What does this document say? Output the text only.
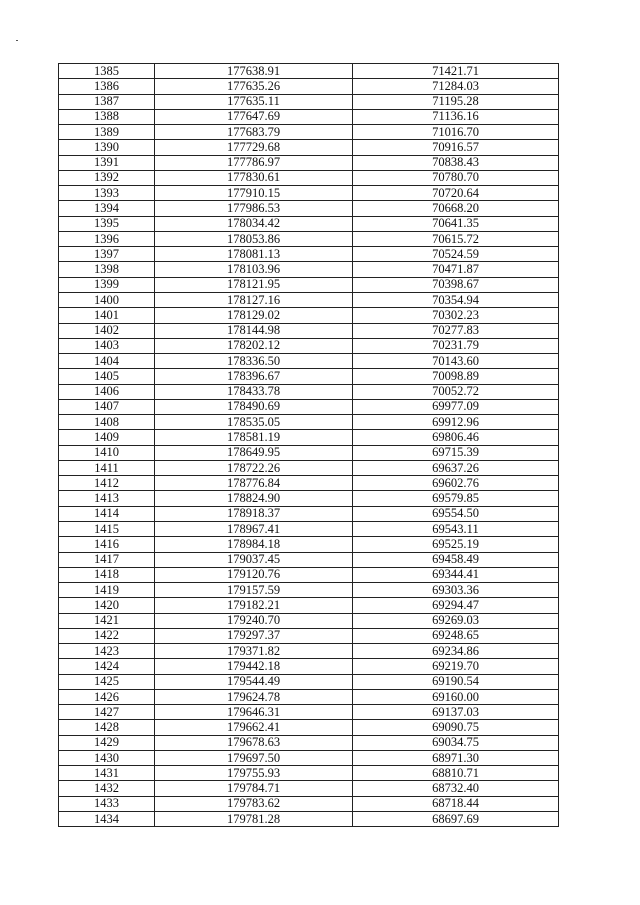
1385	177638.91	71421.71
1386	177635.26	71284.03
1387	177635.11	71195.28
1388	177647.69	71136.16
1389	177683.79	71016.70
1390	177729.68	70916.57
1391	177786.97	70838.43
1392	177830.61	70780.70
1393	177910.15	70720.64
1394	177986.53	70668.20
1395	178034.42	70641.35
1396	178053.86	70615.72
1397	178081.13	70524.59
1398	178103.96	70471.87
1399	178121.95	70398.67
1400	178127.16	70354.94
1401	178129.02	70302.23
1402	178144.98	70277.83
1403	178202.12	70231.79
1404	178336.50	70143.60
1405	178396.67	70098.89
1406	178433.78	70052.72
1407	178490.69	69977.09
1408	178535.05	69912.96
1409	178581.19	69806.46
1410	178649.95	69715.39
1411	178722.26	69637.26
1412	178776.84	69602.76
1413	178824.90	69579.85
1414	178918.37	69554.50
1415	178967.41	69543.11
1416	178984.18	69525.19
1417	179037.45	69458.49
1418	179120.76	69344.41
1419	179157.59	69303.36
1420	179182.21	69294.47
1421	179240.70	69269.03
1422	179297.37	69248.65
1423	179371.82	69234.86
1424	179442.18	69219.70
1425	179544.49	69190.54
1426	179624.78	69160.00
1427	179646.31	69137.03
1428	179662.41	69090.75
1429	179678.63	69034.75
1430	179697.50	68971.30
1431	179755.93	68810.71
1432	179784.71	68732.40
1433	179783.62	68718.44
1434	179781.28	68697.69
